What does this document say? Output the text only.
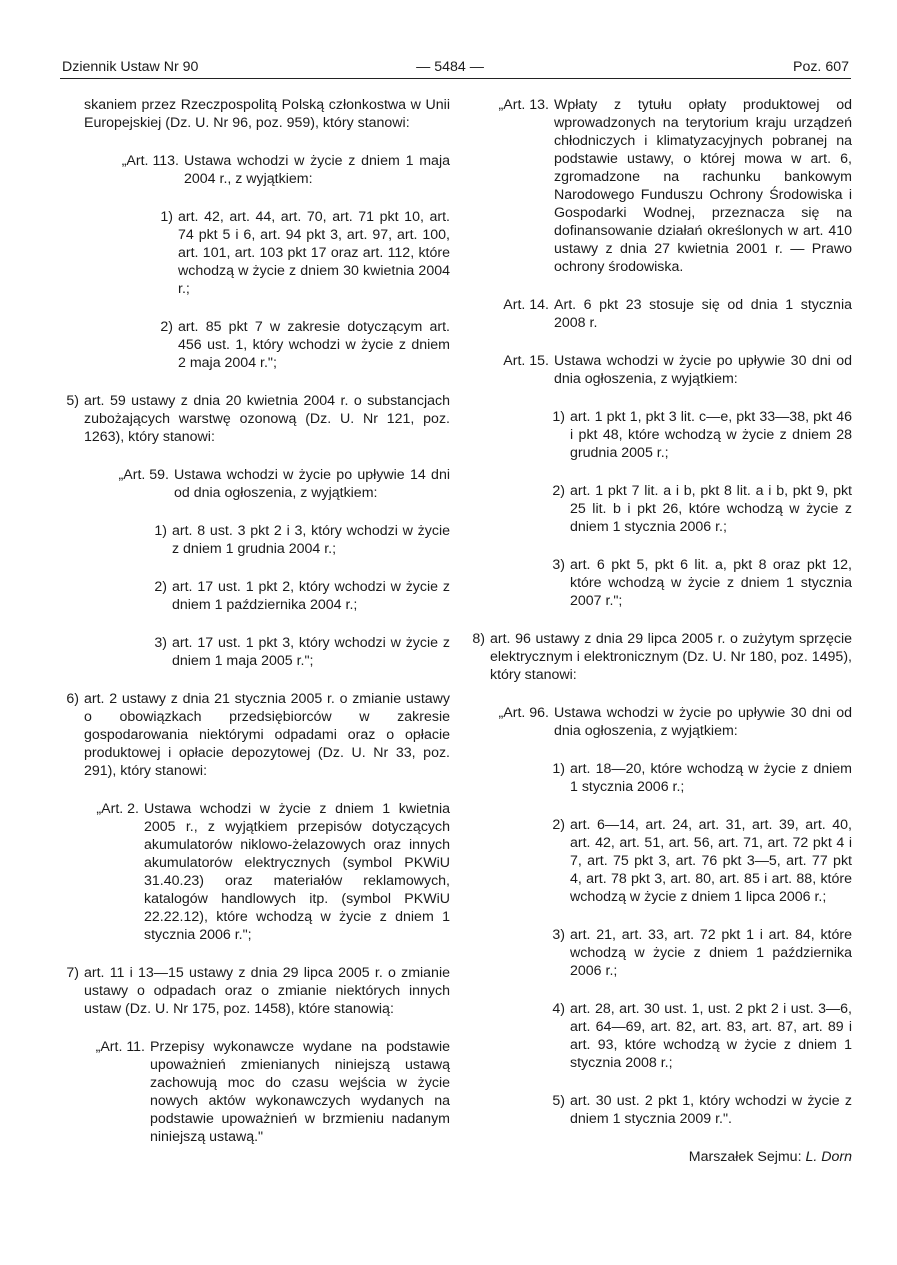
Dziennik Ustaw Nr 90	— 5484 —	Poz. 607

skaniem przez Rzeczpospolitą Polską członkostwa w Unii Europejskiej (Dz. U. Nr 96, poz. 959), który stanowi:

„Art. 113. Ustawa wchodzi w życie z dniem 1 maja 2004 r., z wyjątkiem:
1) art. 42, art. 44, art. 70, art. 71 pkt 10, art. 74 pkt 5 i 6, art. 94 pkt 3, art. 97, art. 100, art. 101, art. 103 pkt 17 oraz art. 112, które wchodzą w życie z dniem 30 kwietnia 2004 r.;
2) art. 85 pkt 7 w zakresie dotyczącym art. 456 ust. 1, który wchodzi w życie z dniem 2 maja 2004 r.";
5) art. 59 ustawy z dnia 20 kwietnia 2004 r. o substancjach zubożających warstwę ozonową (Dz. U. Nr 121, poz. 1263), który stanowi:
„Art. 59. Ustawa wchodzi w życie po upływie 14 dni od dnia ogłoszenia, z wyjątkiem:
1) art. 8 ust. 3 pkt 2 i 3, który wchodzi w życie z dniem 1 grudnia 2004 r.;
2) art. 17 ust. 1 pkt 2, który wchodzi w życie z dniem 1 października 2004 r.;
3) art. 17 ust. 1 pkt 3, który wchodzi w życie z dniem 1 maja 2005 r.";
6) art. 2 ustawy z dnia 21 stycznia 2005 r. o zmianie ustawy o obowiązkach przedsiębiorców w zakresie gospodarowania niektórymi odpadami oraz o opłacie produktowej i opłacie depozytowej (Dz. U. Nr 33, poz. 291), który stanowi:
„Art. 2. Ustawa wchodzi w życie z dniem 1 kwietnia 2005 r., z wyjątkiem przepisów dotyczących akumulatorów niklowo-żelazowych oraz innych akumulatorów elektrycznych (symbol PKWiU 31.40.23) oraz materiałów reklamowych, katalogów handlowych itp. (symbol PKWiU 22.22.12), które wchodzą w życie z dniem 1 stycznia 2006 r.";
7) art. 11 i 13—15 ustawy z dnia 29 lipca 2005 r. o zmianie ustawy o odpadach oraz o zmianie niektórych innych ustaw (Dz. U. Nr 175, poz. 1458), które stanowią:
„Art. 11. Przepisy wykonawcze wydane na podstawie upoważnień zmienianych niniejszą ustawą zachowują moc do czasu wejścia w życie nowych aktów wykonawczych wydanych na podstawie upoważnień w brzmieniu nadanym niniejszą ustawą."
„Art. 13. Wpłaty z tytułu opłaty produktowej od wprowadzonych na terytorium kraju urządzeń chłodniczych i klimatyzacyjnych pobranej na podstawie ustawy, o której mowa w art. 6, zgromadzone na rachunku bankowym Narodowego Funduszu Ochrony Środowiska i Gospodarki Wodnej, przeznacza się na dofinansowanie działań określonych w art. 410 ustawy z dnia 27 kwietnia 2001 r. — Prawo ochrony środowiska.
Art. 14. Art. 6 pkt 23 stosuje się od dnia 1 stycznia 2008 r.
Art. 15. Ustawa wchodzi w życie po upływie 30 dni od dnia ogłoszenia, z wyjątkiem:
1) art. 1 pkt 1, pkt 3 lit. c—e, pkt 33—38, pkt 46 i pkt 48, które wchodzą w życie z dniem 28 grudnia 2005 r.;
2) art. 1 pkt 7 lit. a i b, pkt 8 lit. a i b, pkt 9, pkt 25 lit. b i pkt 26, które wchodzą w życie z dniem 1 stycznia 2006 r.;
3) art. 6 pkt 5, pkt 6 lit. a, pkt 8 oraz pkt 12, które wchodzą w życie z dniem 1 stycznia 2007 r.";
8) art. 96 ustawy z dnia 29 lipca 2005 r. o zużytym sprzęcie elektrycznym i elektronicznym (Dz. U. Nr 180, poz. 1495), który stanowi:
„Art. 96. Ustawa wchodzi w życie po upływie 30 dni od dnia ogłoszenia, z wyjątkiem:
1) art. 18—20, które wchodzą w życie z dniem 1 stycznia 2006 r.;
2) art. 6—14, art. 24, art. 31, art. 39, art. 40, art. 42, art. 51, art. 56, art. 71, art. 72 pkt 4 i 7, art. 75 pkt 3, art. 76 pkt 3—5, art. 77 pkt 4, art. 78 pkt 3, art. 80, art. 85 i art. 88, które wchodzą w życie z dniem 1 lipca 2006 r.;
3) art. 21, art. 33, art. 72 pkt 1 i art. 84, które wchodzą w życie z dniem 1 października 2006 r.;
4) art. 28, art. 30 ust. 1, ust. 2 pkt 2 i ust. 3—6, art. 64—69, art. 82, art. 83, art. 87, art. 89 i art. 93, które wchodzą w życie z dniem 1 stycznia 2008 r.;
5) art. 30 ust. 2 pkt 1, który wchodzi w życie z dniem 1 stycznia 2009 r.".
Marszałek Sejmu: L. Dorn
